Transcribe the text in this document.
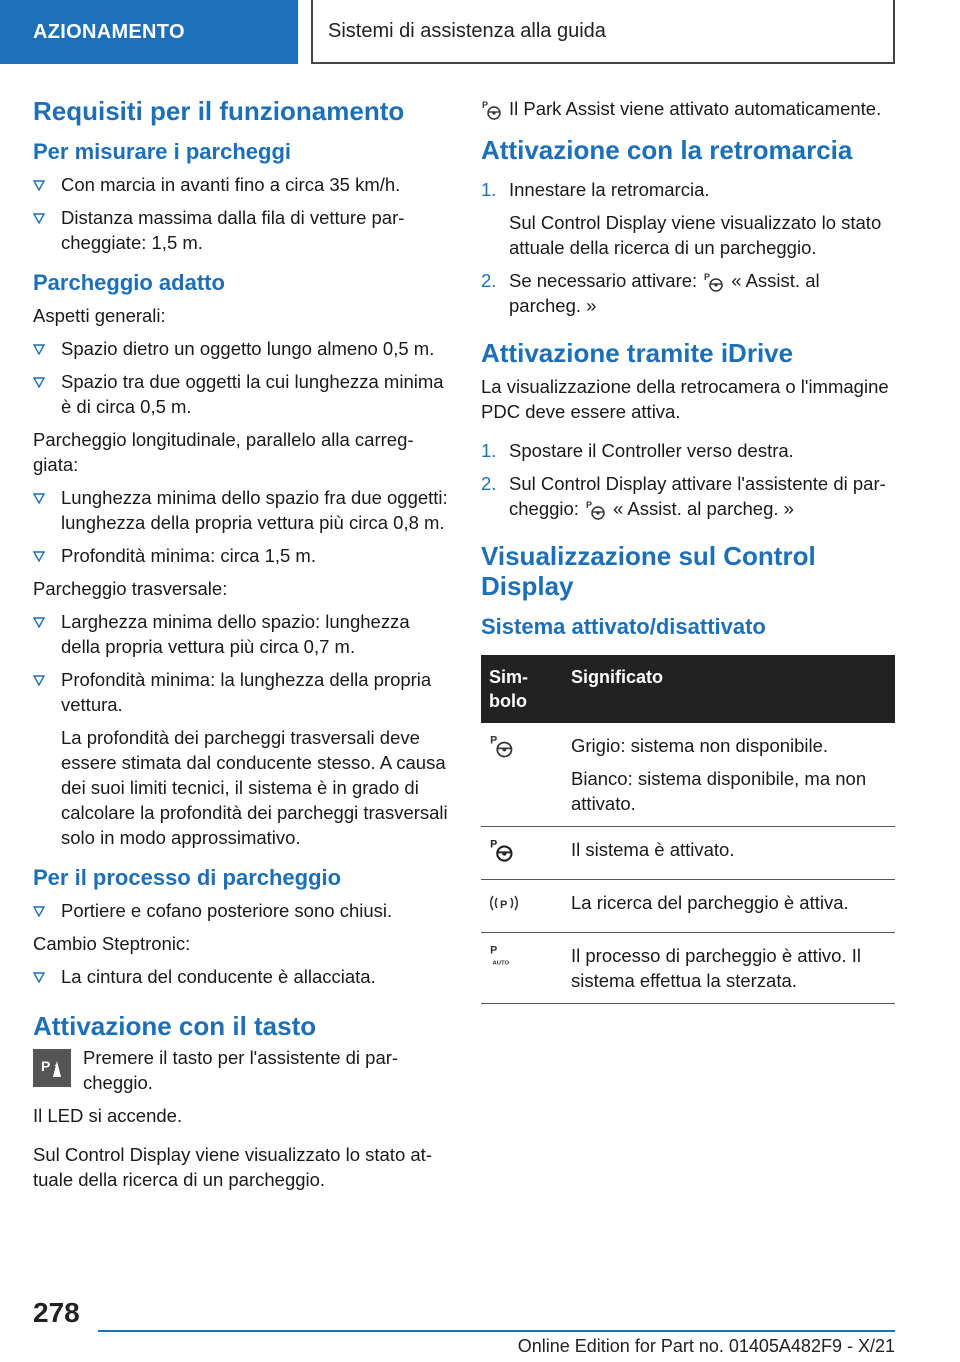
AZIONAMENTO	Sistemi di assistenza alla guida
Requisiti per il funzionamento
Per misurare i parcheggi
Con marcia in avanti fino a circa 35 km/h.
Distanza massima dalla fila di vetture parcheggiate: 1,5 m.
Parcheggio adatto

Aspetti generali:

Spazio dietro un oggetto lungo almeno 0,5 m.
Spazio tra due oggetti la cui lunghezza minima è di circa 0,5 m.

Parcheggio longitudinale, parallelo alla carreggiata:

Lunghezza minima dello spazio fra due oggetti: lunghezza della propria vettura più circa 0,8 m.
Profondità minima: circa 1,5 m.

Parcheggio trasversale:

Larghezza minima dello spazio: lunghezza della propria vettura più circa 0,7 m.
Profondità minima: la lunghezza della propria vettura.
La profondità dei parcheggi trasversali deve essere stimata dal conducente stesso. A causa dei suoi limiti tecnici, il sistema è in grado di calcolare la profondità dei parcheggi trasversali solo in modo approssimativo.
Per il processo di parcheggio
Portiere e cofano posteriore sono chiusi.

Cambio Steptronic:

La cintura del conducente è allacciata.
Attivazione con il tasto
P Premere il tasto per l'assistente di parcheggio.

Il LED si accende.

Sul Control Display viene visualizzato lo stato attuale della ricerca di un parcheggio.

P Il Park Assist viene attivato automaticamente.

Attivazione con la retromarcia
1. Innestare la retromarcia.
Sul Control Display viene visualizzato lo stato attuale della ricerca di un parcheggio.
2. Se necessario attivare: P « Assist. al parcheg. »
Attivazione tramite iDrive

La visualizzazione della retrocamera o l'immagine PDC deve essere attiva.

1. Spostare il Controller verso destra.
2. Sul Control Display attivare l'assistente di parcheggio: P « Assist. al parcheg. »
Visualizzazione sul Control Display
Sistema attivato/disattivato
Simbolo	Significato

P	Grigio: sistema non disponibile.

Bianco: sistema disponibile, ma non attivato.

P	Il sistema è attivato.

P	La ricerca del parcheggio è attiva.

P
AUTO	Il processo di parcheggio è attivo. Il sistema effettua la sterzata.
278
Online Edition for Part no. 01405A482F9 - X/21
